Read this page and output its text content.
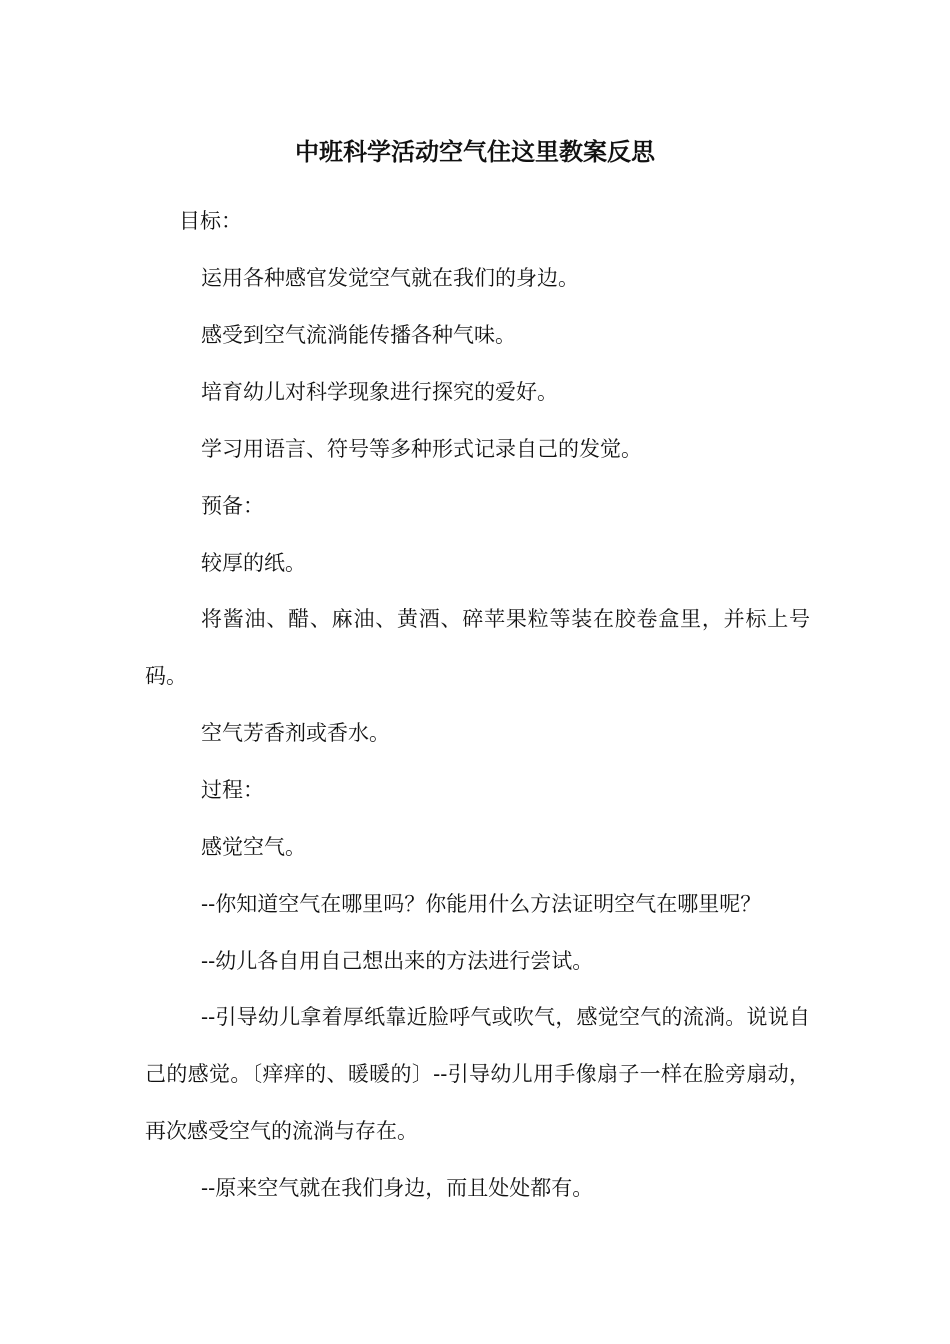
中班科学活动空气住这里教案反思

目标：

运用各种感官发觉空气就在我们的身边。

感受到空气流淌能传播各种气味。

培育幼儿对科学现象进行探究的爱好。

学习用语言、符号等多种形式记录自己的发觉。

预备：

较厚的纸。

将酱油、醋、麻油、黄酒、碎苹果粒等装在胶卷盒里，并标上号码。

空气芳香剂或香水。

过程：

感觉空气。

--你知道空气在哪里吗？你能用什么方法证明空气在哪里呢？

--幼儿各自用自己想出来的方法进行尝试。

--引导幼儿拿着厚纸靠近脸呼气或吹气，感觉空气的流淌。说说自己的感觉。〔痒痒的、暖暖的〕--引导幼儿用手像扇子一样在脸旁扇动，再次感受空气的流淌与存在。

--原来空气就在我们身边，而且处处都有。
